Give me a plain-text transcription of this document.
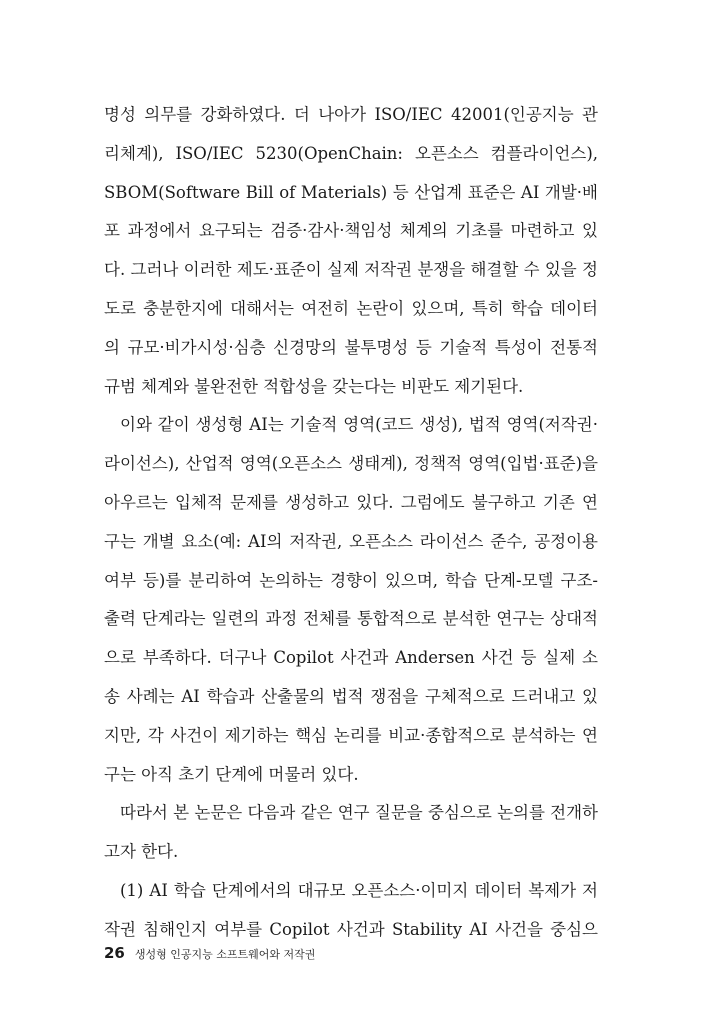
명성 의무를 강화하였다. 더 나아가 ISO/IEC 42001(인공지능 관
리체계), ISO/IEC 5230(OpenChain: 오픈소스 컴플라이언스),
SBOM(Software Bill of Materials) 등 산업계 표준은 AI 개발·배
포 과정에서 요구되는 검증·감사·책임성 체계의 기초를 마련하고 있
다. 그러나 이러한 제도·표준이 실제 저작권 분쟁을 해결할 수 있을 정
도로 충분한지에 대해서는 여전히 논란이 있으며, 특히 학습 데이터
의 규모·비가시성·심층 신경망의 불투명성 등 기술적 특성이 전통적
규범 체계와 불완전한 적합성을 갖는다는 비판도 제기된다.
이와 같이 생성형 AI는 기술적 영역(코드 생성), 법적 영역(저작권·
라이선스), 산업적 영역(오픈소스 생태계), 정책적 영역(입법·표준)을
아우르는 입체적 문제를 생성하고 있다. 그럼에도 불구하고 기존 연
구는 개별 요소(예: AI의 저작권, 오픈소스 라이선스 준수, 공정이용
여부 등)를 분리하여 논의하는 경향이 있으며, 학습 단계-모델 구조-
출력 단계라는 일련의 과정 전체를 통합적으로 분석한 연구는 상대적
으로 부족하다. 더구나 Copilot 사건과 Andersen 사건 등 실제 소
송 사례는 AI 학습과 산출물의 법적 쟁점을 구체적으로 드러내고 있
지만, 각 사건이 제기하는 핵심 논리를 비교·종합적으로 분석하는 연
구는 아직 초기 단계에 머물러 있다.
따라서 본 논문은 다음과 같은 연구 질문을 중심으로 논의를 전개하
고자 한다.
(1) AI 학습 단계에서의 대규모 오픈소스·이미지 데이터 복제가 저
작권 침해인지 여부를 Copilot 사건과 Stability AI 사건을 중심으
26 생성형 인공지능 소프트웨어와 저작권
